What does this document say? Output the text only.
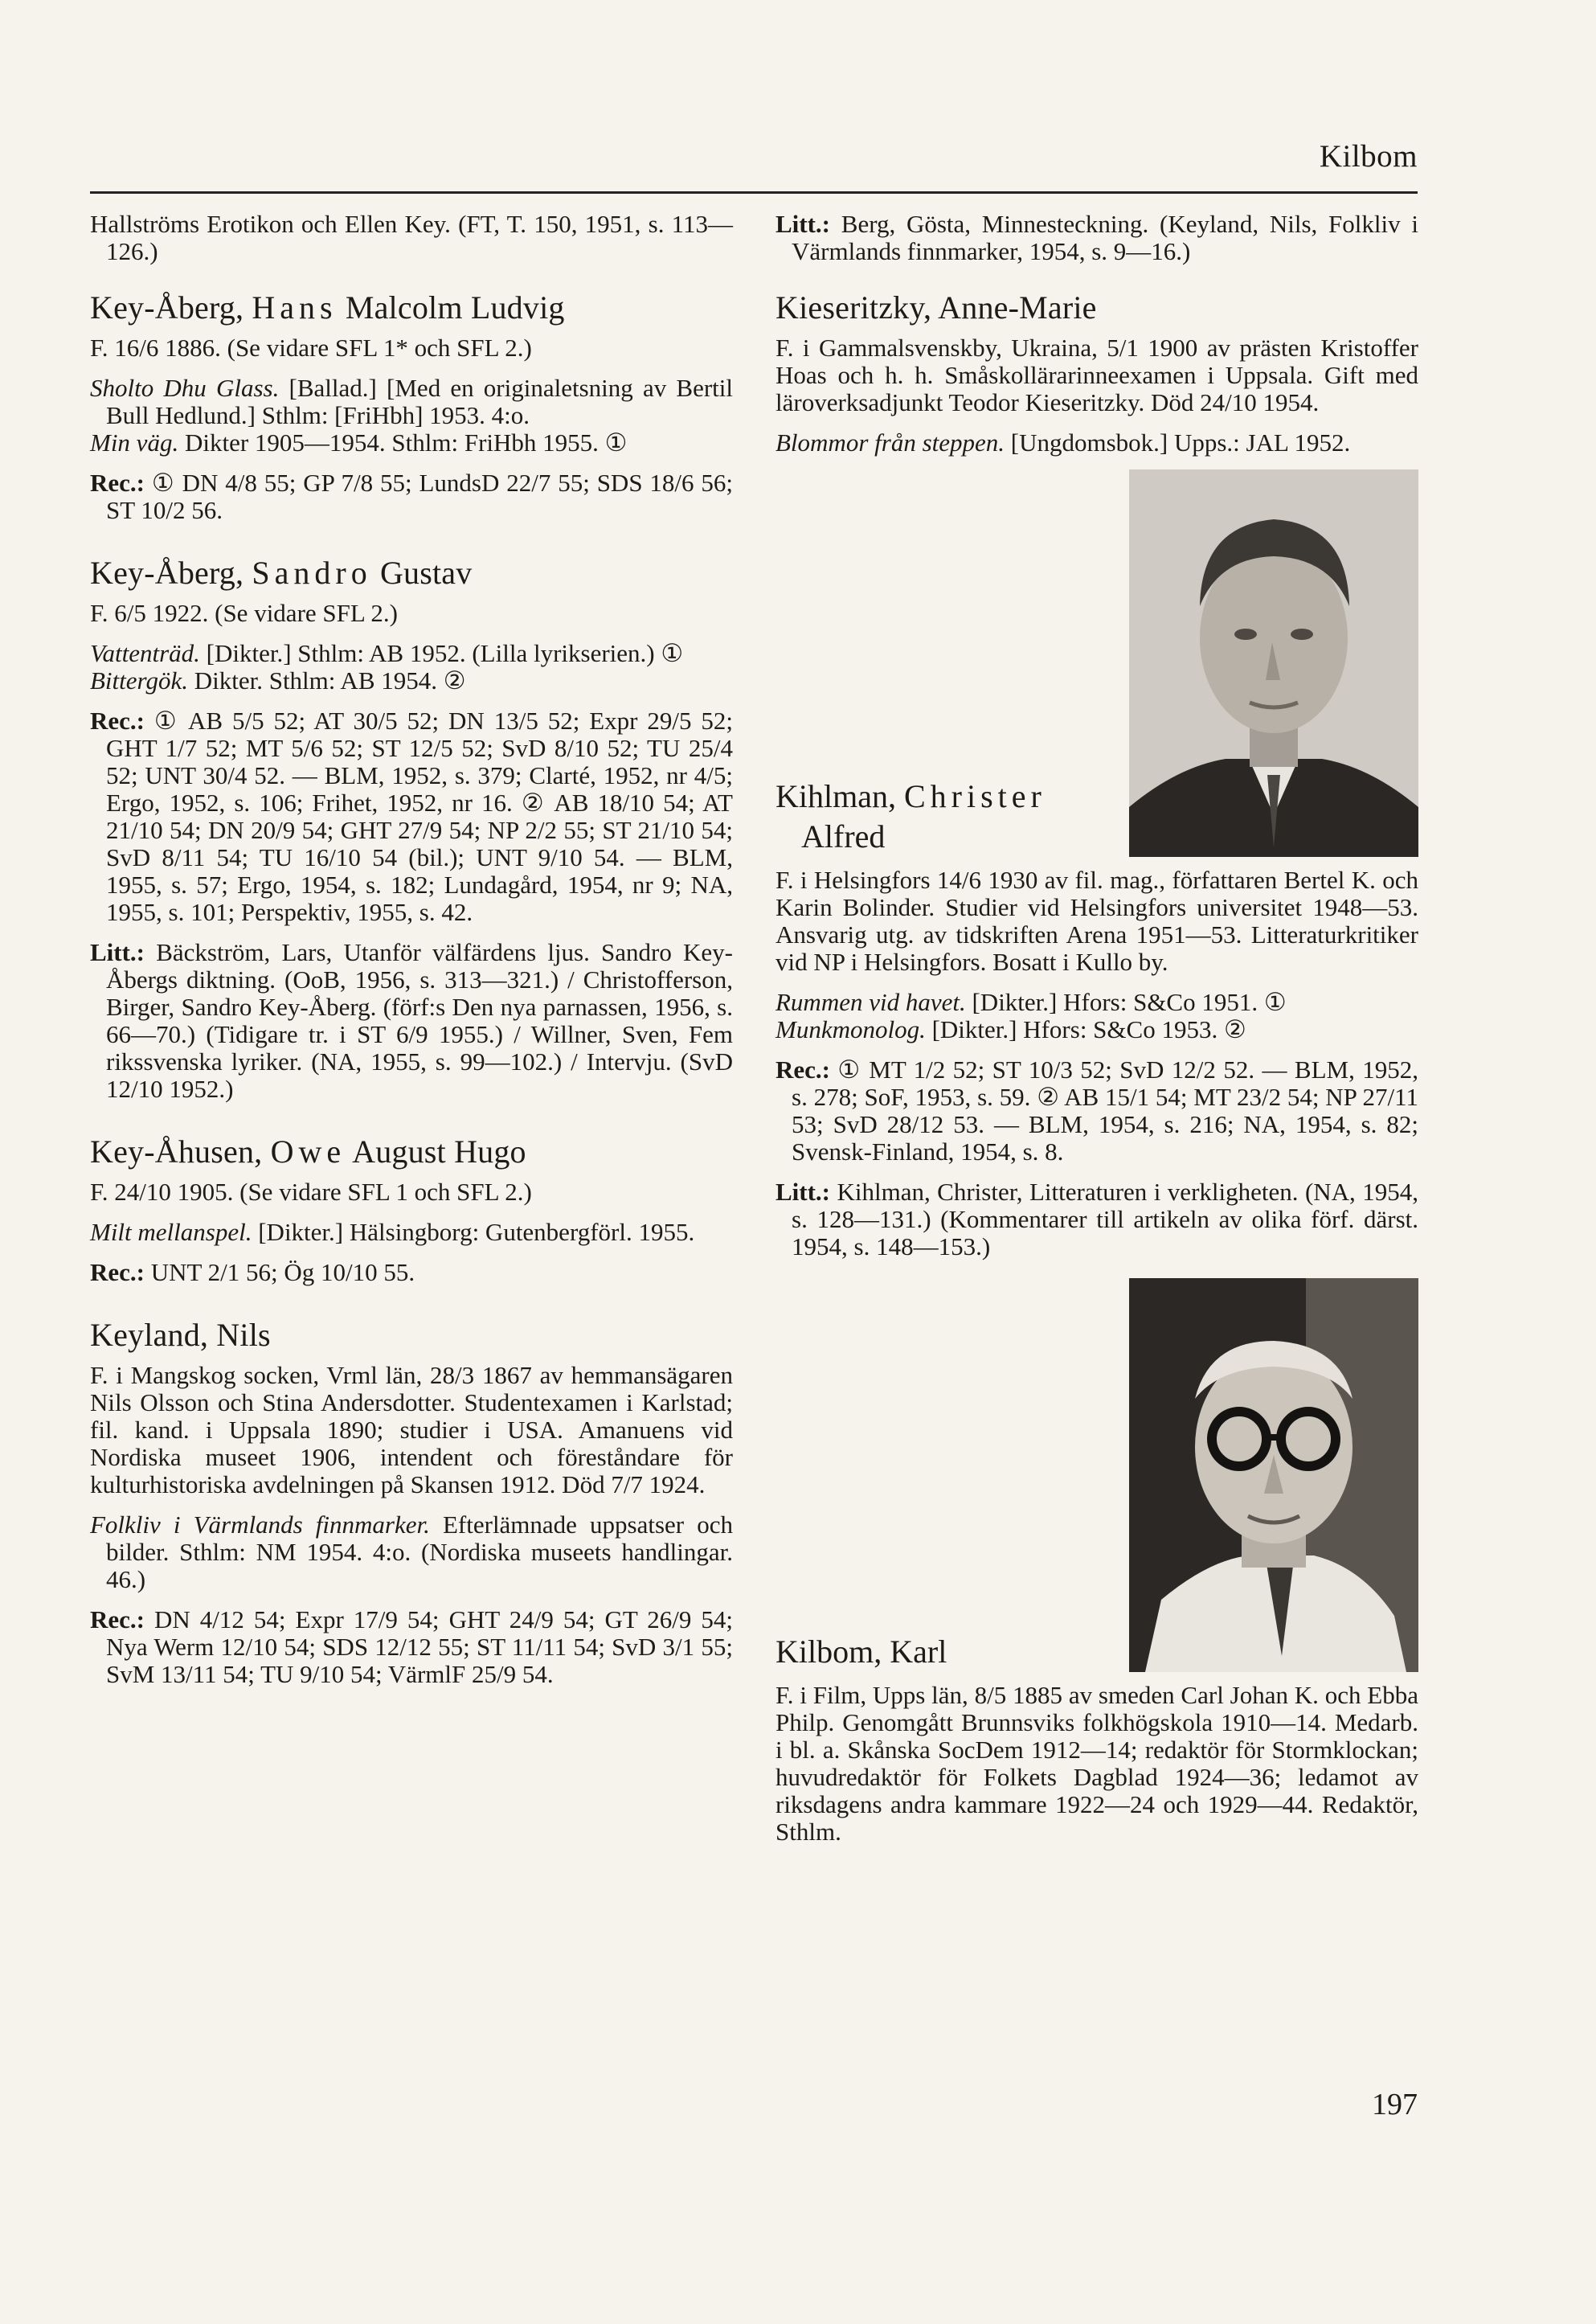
Kilbom

Hallströms Erotikon och Ellen Key. (FT, T. 150, 1951, s. 113—126.)

Key-Åberg, Hans Malcolm Ludvig

F. 16/6 1886. (Se vidare SFL 1* och SFL 2.)

Sholto Dhu Glass. [Ballad.] [Med en originaletsning av Bertil Bull Hedlund.] Sthlm: [FriHbh] 1953. 4:o.

Min väg. Dikter 1905—1954. Sthlm: FriHbh 1955. ①

Rec.: ① DN 4/8 55; GP 7/8 55; LundsD 22/7 55; SDS 18/6 56; ST 10/2 56.

Key-Åberg, Sandro Gustav

F. 6/5 1922. (Se vidare SFL 2.)

Vattenträd. [Dikter.] Sthlm: AB 1952. (Lilla lyrikserien.) ①

Bittergök. Dikter. Sthlm: AB 1954. ②

Rec.: ① AB 5/5 52; AT 30/5 52; DN 13/5 52; Expr 29/5 52; GHT 1/7 52; MT 5/6 52; ST 12/5 52; SvD 8/10 52; TU 25/4 52; UNT 30/4 52. — BLM, 1952, s. 379; Clarté, 1952, nr 4/5; Ergo, 1952, s. 106; Frihet, 1952, nr 16. ② AB 18/10 54; AT 21/10 54; DN 20/9 54; GHT 27/9 54; NP 2/2 55; ST 21/10 54; SvD 8/11 54; TU 16/10 54 (bil.); UNT 9/10 54. — BLM, 1955, s. 57; Ergo, 1954, s. 182; Lundagård, 1954, nr 9; NA, 1955, s. 101; Perspektiv, 1955, s. 42.

Litt.: Bäckström, Lars, Utanför välfärdens ljus. Sandro Key-Åbergs diktning. (OoB, 1956, s. 313—321.) / Christofferson, Birger, Sandro Key-Åberg. (förf:s Den nya parnassen, 1956, s. 66—70.) (Tidigare tr. i ST 6/9 1955.) / Willner, Sven, Fem rikssvenska lyriker. (NA, 1955, s. 99—102.) / Intervju. (SvD 12/10 1952.)

Key-Åhusen, Owe August Hugo

F. 24/10 1905. (Se vidare SFL 1 och SFL 2.)

Milt mellanspel. [Dikter.] Hälsingborg: Gutenbergförl. 1955.

Rec.: UNT 2/1 56; Ög 10/10 55.

Keyland, Nils

F. i Mangskog socken, Vrml län, 28/3 1867 av hemmansägaren Nils Olsson och Stina Andersdotter. Studentexamen i Karlstad; fil. kand. i Uppsala 1890; studier i USA. Amanuens vid Nordiska museet 1906, intendent och föreståndare för kulturhistoriska avdelningen på Skansen 1912. Död 7/7 1924.

Folkliv i Värmlands finnmarker. Efterlämnade uppsatser och bilder. Sthlm: NM 1954. 4:o. (Nordiska museets handlingar. 46.)

Rec.: DN 4/12 54; Expr 17/9 54; GHT 24/9 54; GT 26/9 54; Nya Werm 12/10 54; SDS 12/12 55; ST 11/11 54; SvD 3/1 55; SvM 13/11 54; TU 9/10 54; VärmlF 25/9 54.

Litt.: Berg, Gösta, Minnesteckning. (Keyland, Nils, Folkliv i Värmlands finnmarker, 1954, s. 9—16.)

Kieseritzky, Anne-Marie

F. i Gammalsvenskby, Ukraina, 5/1 1900 av prästen Kristoffer Hoas och h. h. Småskollärarinneexamen i Uppsala. Gift med läroverksadjunkt Teodor Kieseritzky. Död 24/10 1954.

Blommor från steppen. [Ungdomsbok.] Upps.: JAL 1952.

Kihlman, Christer
Alfred

F. i Helsingfors 14/6 1930 av fil. mag., författaren Bertel K. och Karin Bolinder. Studier vid Helsingfors universitet 1948—53. Ansvarig utg. av tidskriften Arena 1951—53. Litteraturkritiker vid NP i Helsingfors. Bosatt i Kullo by.

Rummen vid havet. [Dikter.] Hfors: S&Co 1951. ①

Munkmonolog. [Dikter.] Hfors: S&Co 1953. ②

Rec.: ① MT 1/2 52; ST 10/3 52; SvD 12/2 52. — BLM, 1952, s. 278; SoF, 1953, s. 59. ② AB 15/1 54; MT 23/2 54; NP 27/11 53; SvD 28/12 53. — BLM, 1954, s. 216; NA, 1954, s. 82; Svensk-Finland, 1954, s. 8.

Litt.: Kihlman, Christer, Litteraturen i verkligheten. (NA, 1954, s. 128—131.) (Kommentarer till artikeln av olika förf. därst. 1954, s. 148—153.)

Kilbom, Karl

F. i Film, Upps län, 8/5 1885 av smeden Carl Johan K. och Ebba Philp. Genomgått Brunnsviks folkhögskola 1910—14. Medarb. i bl. a. Skånska SocDem 1912—14; redaktör för Stormklockan; huvudredaktör för Folkets Dagblad 1924—36; ledamot av riksdagens andra kammare 1922—24 och 1929—44. Redaktör, Sthlm.

197
